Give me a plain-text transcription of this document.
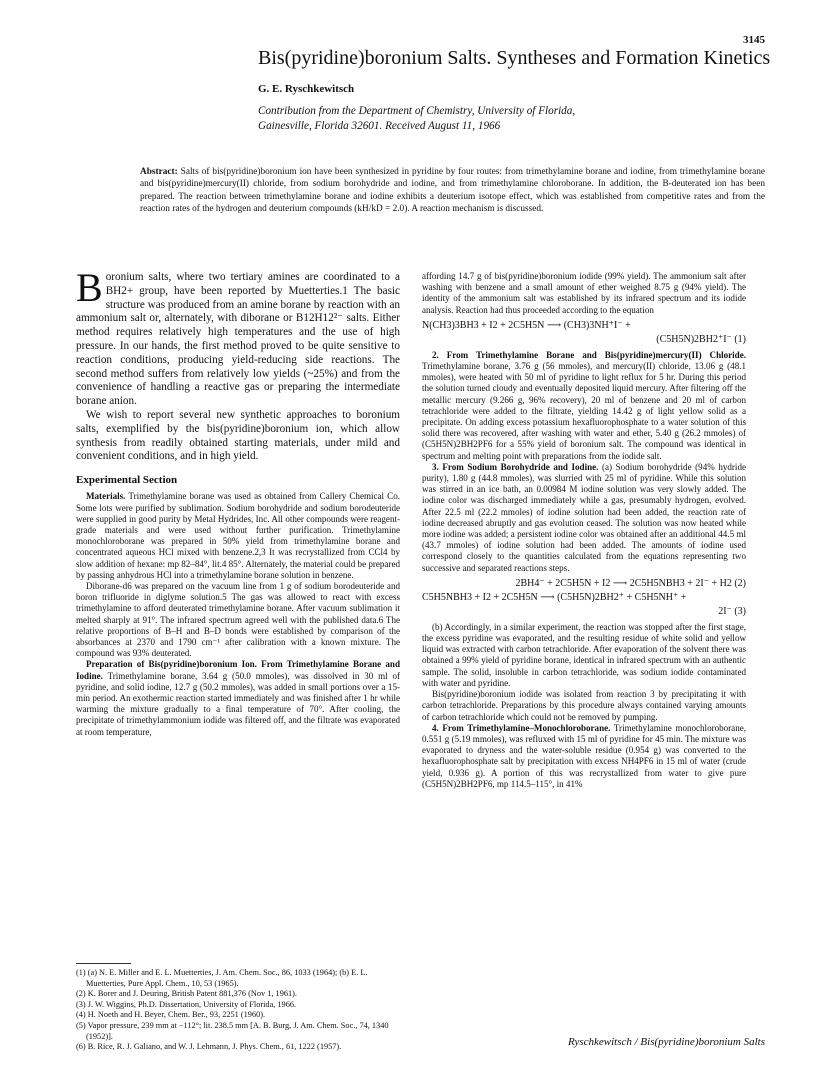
3145
Bis(pyridine)boronium Salts. Syntheses and Formation Kinetics
G. E. Ryschkewitsch
Contribution from the Department of Chemistry, University of Florida,
Gainesville, Florida 32601. Received August 11, 1966
Abstract: Salts of bis(pyridine)boronium ion have been synthesized in pyridine by four routes: from trimethylamine borane and iodine, from trimethylamine borane and bis(pyridine)mercury(II) chloride, from sodium borohydride and iodine, and from trimethylamine chloroborane. In addition, the B-deuterated ion has been prepared. The reaction between trimethylamine borane and iodine exhibits a deuterium isotope effect, which was established from competitive rates and from the reaction rates of the hydrogen and deuterium compounds (kH/kD = 2.0). A reaction mechanism is discussed.

Boronium salts, where two tertiary amines are coordinated to a BH2+ group, have been reported by Muetterties.1 The basic structure was produced from an amine borane by reaction with an ammonium salt or, alternately, with diborane or B12H12²⁻ salts. Either method requires relatively high temperatures and the use of high pressure. In our hands, the first method proved to be quite sensitive to reaction conditions, producing yield-reducing side reactions. The second method suffers from relatively low yields (~25%) and from the convenience of handling a reactive gas or preparing the intermediate borane anion.

We wish to report several new synthetic approaches to boronium salts, exemplified by the bis(pyridine)boronium ion, which allow synthesis from readily obtained starting materials, under mild and convenient conditions, and in high yield.

Experimental Section

Materials. Trimethylamine borane was used as obtained from Callery Chemical Co. Some lots were purified by sublimation. Sodium borohydride and sodium borodeuteride were supplied in good purity by Metal Hydrides, Inc. All other compounds were reagent-grade materials and were used without further purification. Trimethylamine monochloroborane was prepared in 50% yield from trimethylamine borane and concentrated aqueous HCl mixed with benzene.2,3 It was recrystallized from CCl4 by slow addition of hexane: mp 82–84°, lit.4 85°. Alternately, the material could be prepared by passing anhydrous HCl into a trimethylamine borane solution in benzene.

Diborane-d6 was prepared on the vacuum line from 1 g of sodium borodeuteride and boron trifluoride in diglyme solution.5 The gas was allowed to react with excess trimethylamine to afford deuterated trimethylamine borane. After vacuum sublimation it melted sharply at 91°. The infrared spectrum agreed well with the published data.6 The relative proportions of B–H and B–D bonds were established by comparison of the absorbances at 2370 and 1790 cm⁻¹ after calibration with a known mixture. The compound was 93% deuterated.

Preparation of Bis(pyridine)boronium Ion. From Trimethylamine Borane and Iodine. Trimethylamine borane, 3.64 g (50.0 mmoles), was dissolved in 30 ml of pyridine, and solid iodine, 12.7 g (50.2 mmoles), was added in small portions over a 15-min period. An exothermic reaction started immediately and was finished after 1 hr while warming the mixture gradually to a final temperature of 70°. After cooling, the precipitate of trimethylammonium iodide was filtered off, and the filtrate was evaporated at room temperature,

(1) (a) N. E. Miller and E. L. Muetterties, J. Am. Chem. Soc., 86, 1033 (1964); (b) E. L. Muetterties, Pure Appl. Chem., 10, 53 (1965).

(2) K. Borer and J. Deuring, British Patent 881,376 (Nov 1, 1961).

(3) J. W. Wiggins, Ph.D. Dissertation, University of Florida, 1966.

(4) H. Noeth and H. Beyer, Chem. Ber., 93, 2251 (1960).

(5) Vapor pressure, 239 mm at −112°; lit. 238.5 mm [A. B. Burg, J. Am. Chem. Soc., 74, 1340 (1952)].

(6) B. Rice, R. J. Galiano, and W. J. Lehmann, J. Phys. Chem., 61, 1222 (1957).

affording 14.7 g of bis(pyridine)boronium iodide (99% yield). The ammonium salt after washing with benzene and a small amount of ether weighed 8.75 g (94% yield). The identity of the ammonium salt was established by its infrared spectrum and its iodide analysis. Reaction had thus proceeded according to the equation

N(CH3)3BH3 + I2 + 2C5H5N ⟶ (CH3)3NH⁺I⁻ +
(C5H5N)2BH2⁺I⁻ (1)

2. From Trimethylamine Borane and Bis(pyridine)mercury(II) Chloride. Trimethylamine borane, 3.76 g (56 mmoles), and mercury(II) chloride, 13.06 g (48.1 mmoles), were heated with 50 ml of pyridine to light reflux for 5 hr. During this period the solution turned cloudy and eventually deposited liquid mercury. After filtering off the metallic mercury (9.266 g, 96% recovery), 20 ml of benzene and 20 ml of carbon tetrachloride were added to the filtrate, yielding 14.42 g of light yellow solid as a precipitate. On adding excess potassium hexafluorophosphate to a water solution of this solid there was recovered, after washing with water and ether, 5.40 g (26.2 mmoles) of (C5H5N)2BH2PF6 for a 55% yield of boronium salt. The compound was identical in spectrum and melting point with preparations from the iodide salt.

3. From Sodium Borohydride and Iodine. (a) Sodium borohydride (94% hydride purity), 1.80 g (44.8 mmoles), was slurried with 25 ml of pyridine. While this solution was stirred in an ice bath, an 0.00984 M iodine solution was very slowly added. The iodine color was discharged immediately while a gas, presumably hydrogen, evolved. After 22.5 ml (22.2 mmoles) of iodine solution had been added, the reaction rate of iodine decreased abruptly and gas evolution ceased. The solution was now heated while more iodine was added; a persistent iodine color was obtained after an additional 44.5 ml (43.7 mmoles) of iodine solution had been added. The amounts of iodine used correspond closely to the quantities calculated from the equations representing two successive and separated reactions steps.

2BH4⁻ + 2C5H5N + I2 ⟶ 2C5H5NBH3 + 2I⁻ + H2 (2)
C5H5NBH3 + I2 + 2C5H5N ⟶ (C5H5N)2BH2⁺ + C5H5NH⁺ +
2I⁻ (3)

(b) Accordingly, in a similar experiment, the reaction was stopped after the first stage, the excess pyridine was evaporated, and the resulting residue of white solid and yellow liquid was extracted with carbon tetrachloride. After evaporation of the solvent there was obtained a 99% yield of pyridine borane, identical in infrared spectrum with an authentic sample. The solid, insoluble in carbon tetrachloride, was sodium iodide contaminated with water and pyridine.

Bis(pyridine)boronium iodide was isolated from reaction 3 by precipitating it with carbon tetrachloride. Preparations by this procedure always contained varying amounts of carbon tetrachloride which could not be removed by pumping.

4. From Trimethylamine–Monochloroborane. Trimethylamine monochloroborane, 0.551 g (5.19 mmoles), was refluxed with 15 ml of pyridine for 45 min. The mixture was evaporated to dryness and the water-soluble residue (0.954 g) was converted to the hexafluorophosphate salt by precipitation with excess NH4PF6 in 15 ml of water (crude yield, 0.936 g). A portion of this was recrystallized from water to give pure (C5H5N)2BH2PF6, mp 114.5–115°, in 41%

Ryschkewitsch / Bis(pyridine)boronium Salts
